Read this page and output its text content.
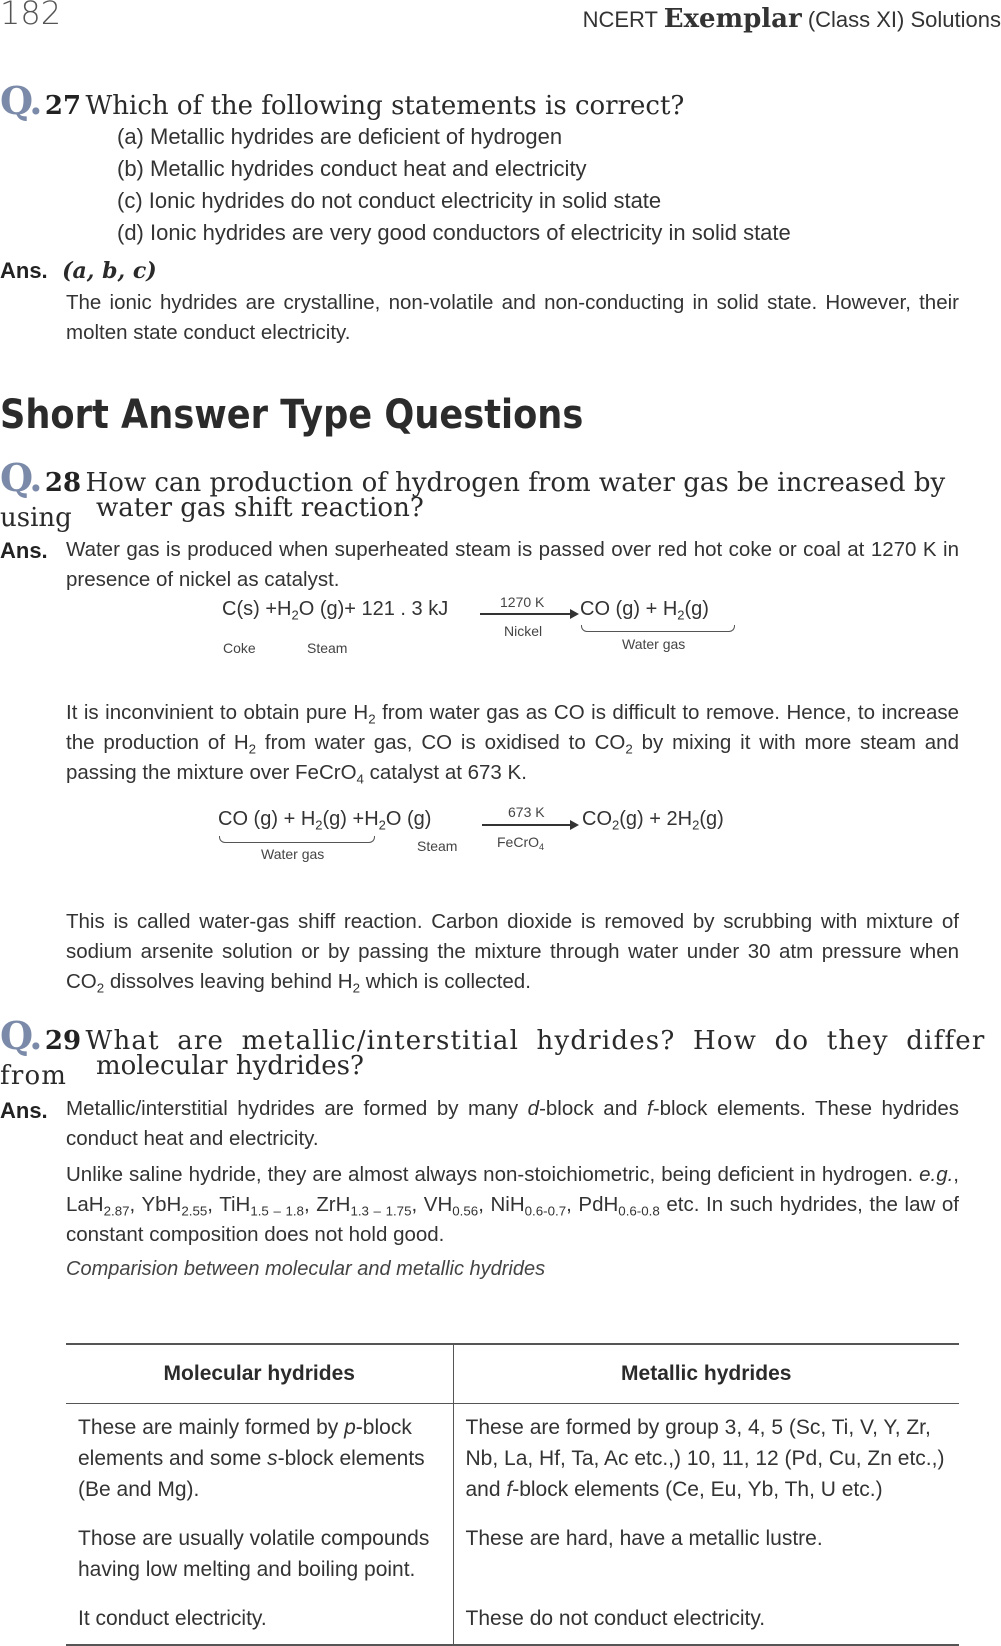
182	NCERT Exemplar (Class XI) Solutions
Q. 27 Which of the following statements is correct?
(a) Metallic hydrides are deficient of hydrogen
(b) Metallic hydrides conduct heat and electricity
(c) Ionic hydrides do not conduct electricity in solid state
(d) Ionic hydrides are very good conductors of electricity in solid state
Ans. (a, b, c)
The ionic hydrides are crystalline, non-volatile and non-conducting in solid state. However, their molten state conduct electricity.
Short Answer Type Questions
Q. 28 How can production of hydrogen from water gas be increased by using water gas shift reaction?
Ans. Water gas is produced when superheated steam is passed over red hot coke or coal at 1270 K in presence of nickel as catalyst.
$C(s) +H_2O$ (g)+ 121 . 3 kJ	1270 K
Nickel
CO $(g) + H_2(g)$
Water gas
Coke	Steam
It is inconvinient to obtain pure $H_2$ from water gas as CO is difficult to remove. Hence, to increase the production of $H_2$ from water gas, CO is oxidised to $CO_2$ by mixing it with more steam and passing the mixture over FeCrO$_4$ catalyst at 673 K.
CO $(g) + H_2(g) +H_2O$ (g)	673 K
FeCrO$_4$
$CO_2(g) + 2H_2(g)$
Water gas	Steam
This is called water-gas shiff reaction. Carbon dioxide is removed by scrubbing with mixture of sodium arsenite solution or by passing the mixture through water under 30 atm pressure when $CO_2$ dissolves leaving behind $H_2$ which is collected.
Q. 29 What are metallic/interstitial hydrides? How do they differ from	molecular hydrides?
Ans. Metallic/interstitial hydrides are formed by many d-block and f-block elements. These hydrides conduct heat and electricity.
Unlike saline hydride, they are almost always non-stoichiometric, being deficient in hydrogen. e.g., LaH$_{2.87}$, YbH$_{2.55}$, TiH$_{1.5 - 1.8}$, ZrH$_{1.3 - 1.75}$, $VH_{0.56}$, NiH$_{0.6-0.7}$, PdH$_{0.6-0.8}$ etc. In such hydrides, the law of constant composition does not hold good.
Comparision between molecular and metallic hydrides
Molecular hydrides	Metallic hydrides
These are mainly formed by p-block elements and some s-block elements (Be and Mg).	These are formed by group 3, 4, 5 (Sc, Ti, V, Y, Zr, Nb, La, Hf, Ta, Ac etc.,) 10, 11, 12 (Pd, Cu, Zn etc.,) and f-block elements (Ce, Eu, Yb, Th, U etc.)
Those are usually volatile compounds having low melting and boiling point.	These are hard, have a metallic lustre.
It conduct electricity.	These do not conduct electricity.
